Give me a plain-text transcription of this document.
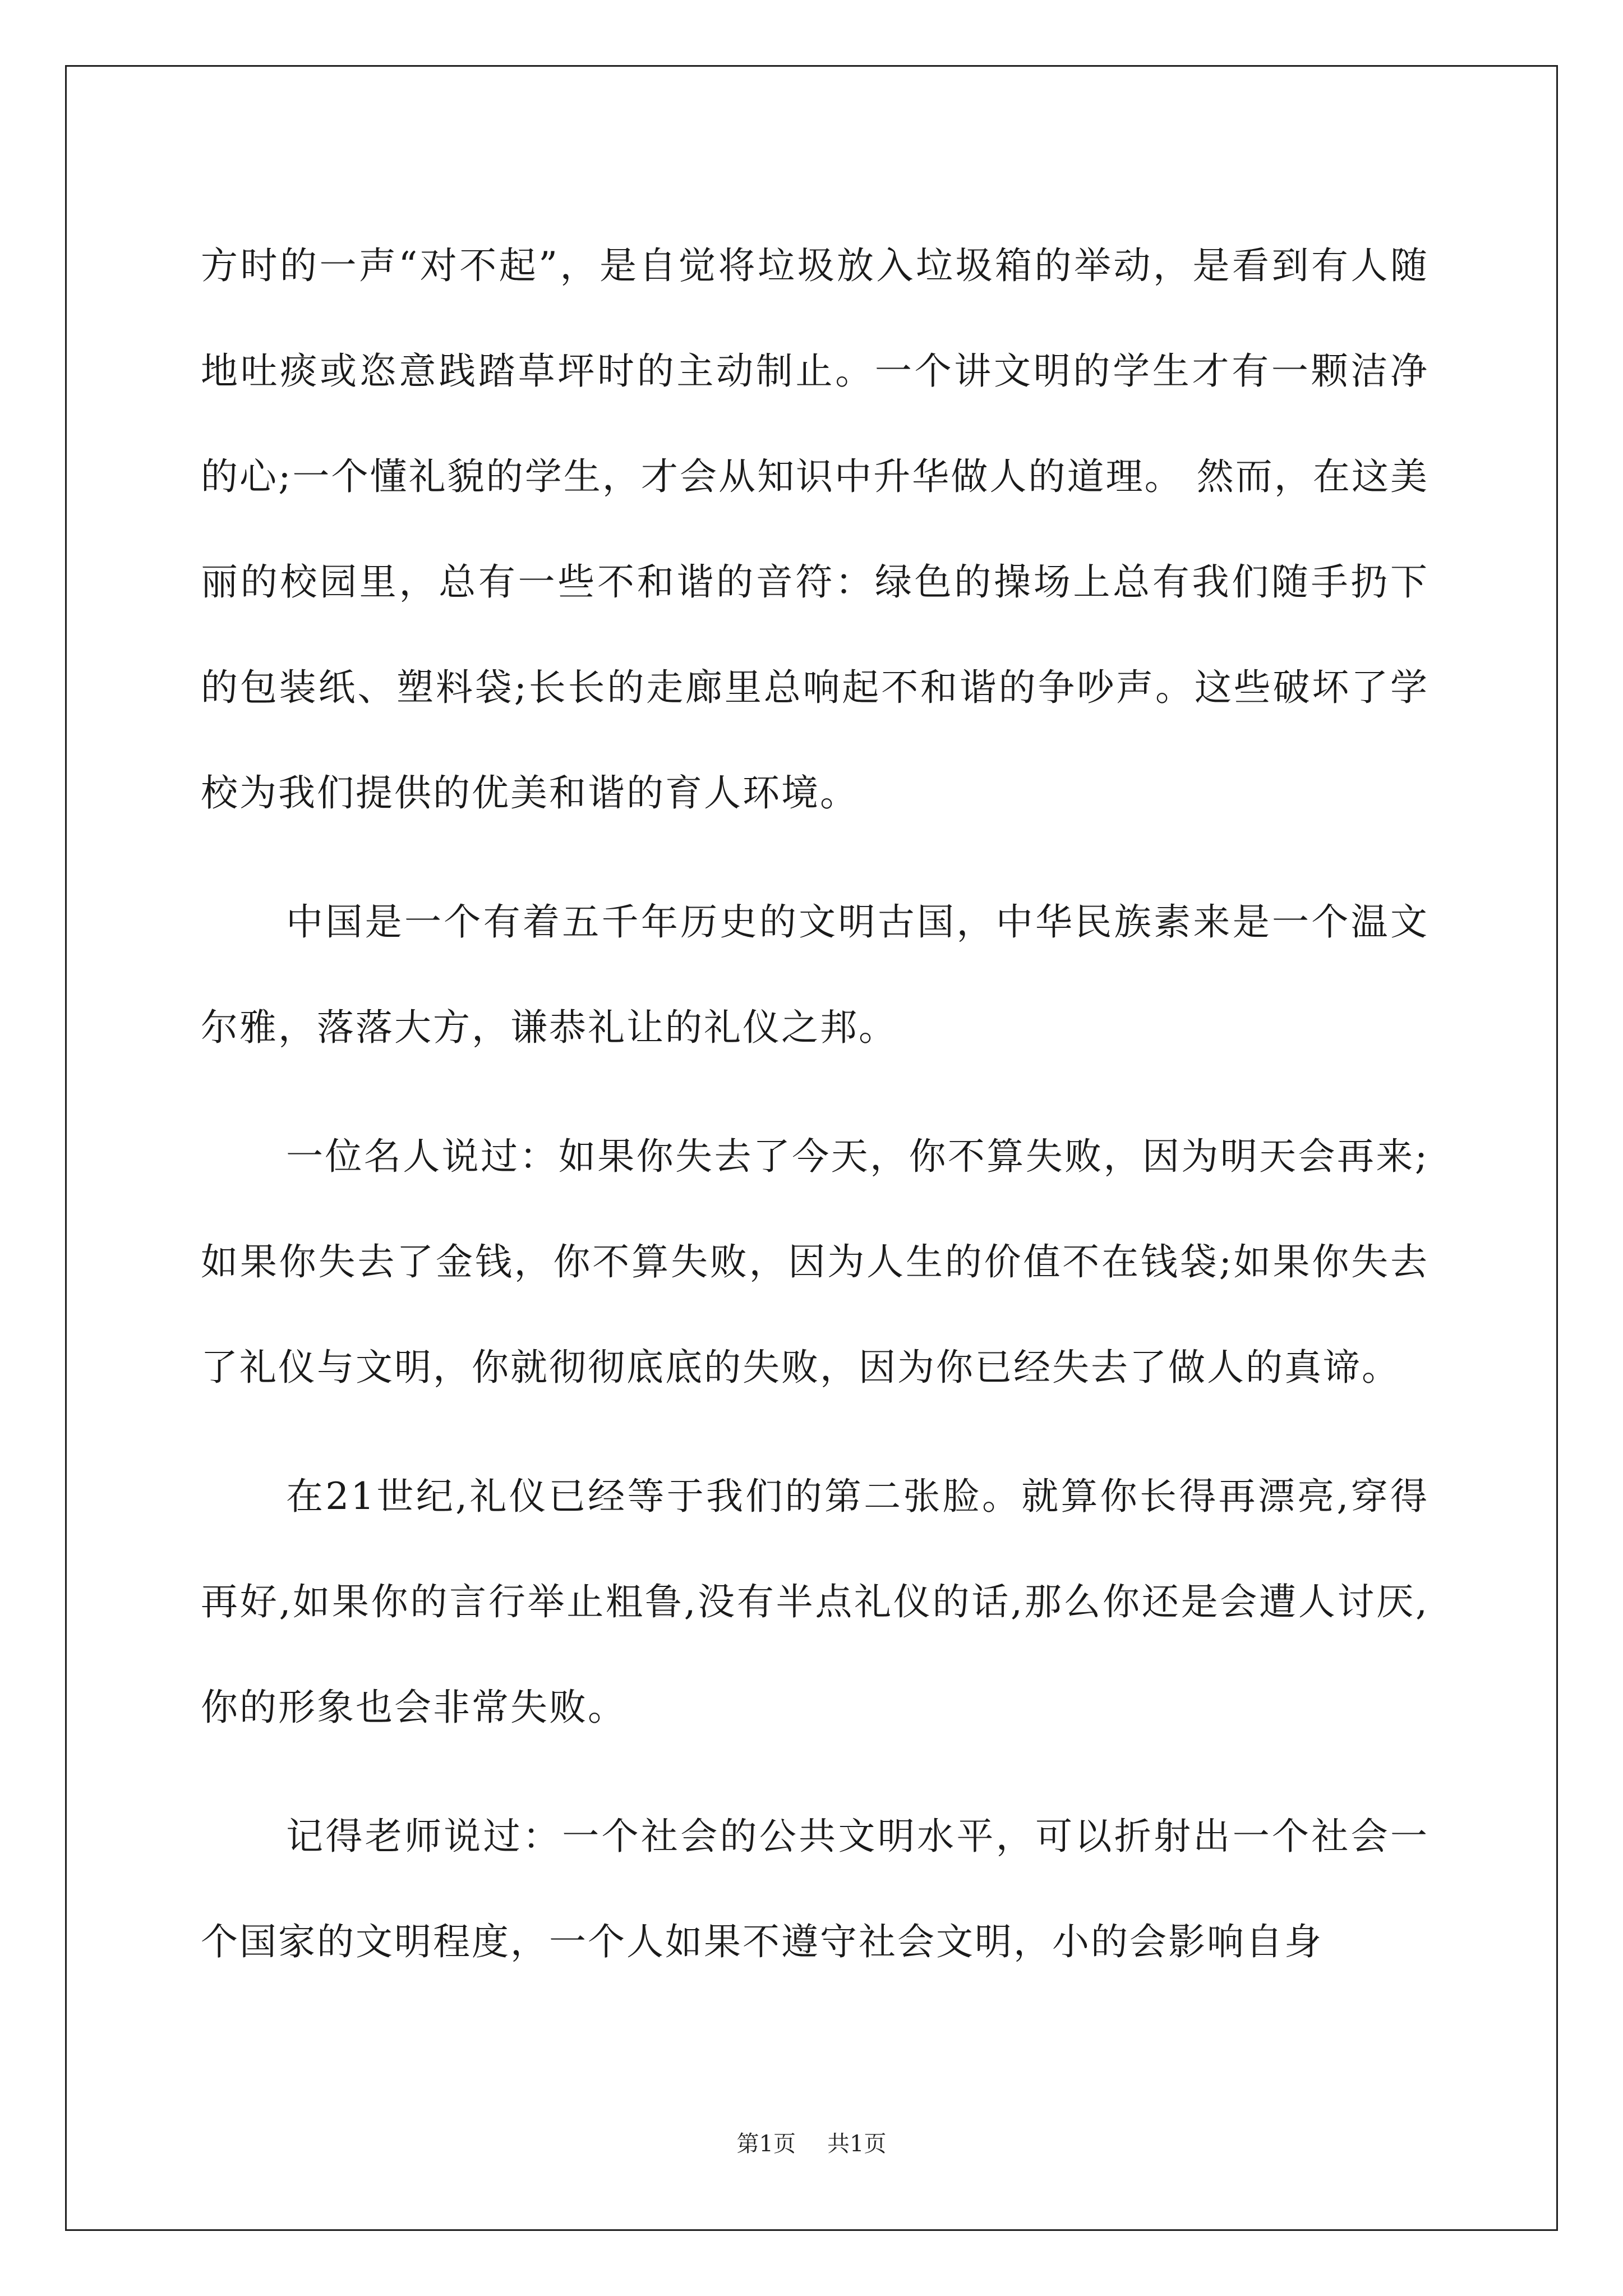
方时的一声“对不起”，是自觉将垃圾放入垃圾箱的举动，是看到有人随地吐痰或恣意践踏草坪时的主动制止。一个讲文明的学生才有一颗洁净的心;一个懂礼貌的学生，才会从知识中升华做人的道理。 然而，在这美丽的校园里，总有一些不和谐的音符：绿色的操场上总有我们随手扔下的包装纸、塑料袋;长长的走廊里总响起不和谐的争吵声。这些破坏了学校为我们提供的优美和谐的育人环境。

中国是一个有着五千年历史的文明古国，中华民族素来是一个温文尔雅，落落大方，谦恭礼让的礼仪之邦。

一位名人说过：如果你失去了今天，你不算失败，因为明天会再来;如果你失去了金钱，你不算失败，因为人生的价值不在钱袋;如果你失去了礼仪与文明，你就彻彻底底的失败，因为你已经失去了做人的真谛。

在21世纪,礼仪已经等于我们的第二张脸。就算你长得再漂亮,穿得再好,如果你的言行举止粗鲁,没有半点礼仪的话,那么你还是会遭人讨厌,你的形象也会非常失败。

记得老师说过：一个社会的公共文明水平，可以折射出一个社会一个国家的文明程度，一个人如果不遵守社会文明，小的会影响自身

第1页 共1页
